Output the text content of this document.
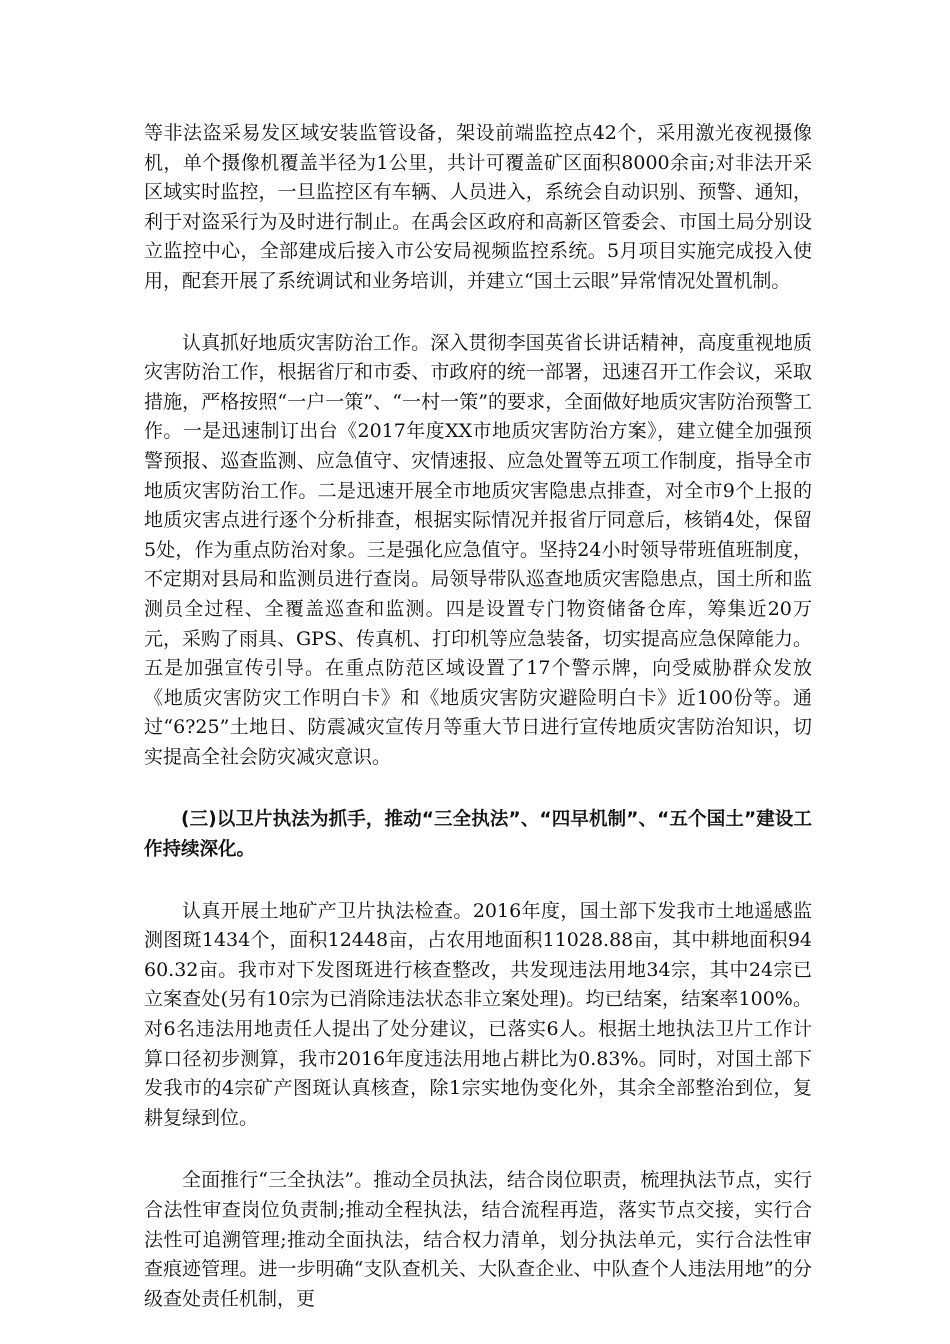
等非法盗采易发区域安装监管设备，架设前端监控点42个，采用激光夜视摄像机，单个摄像机覆盖半径为1公里，共计可覆盖矿区面积8000余亩;对非法开采区域实时监控，一旦监控区有车辆、人员进入，系统会自动识别、预警、通知，利于对盗采行为及时进行制止。在禹会区政府和高新区管委会、市国土局分别设立监控中心，全部建成后接入市公安局视频监控系统。5月项目实施完成投入使用，配套开展了系统调试和业务培训，并建立“国土云眼”异常情况处置机制。

认真抓好地质灾害防治工作。深入贯彻李国英省长讲话精神，高度重视地质灾害防治工作，根据省厅和市委、市政府的统一部署，迅速召开工作会议，采取措施，严格按照“一户一策”、“一村一策”的要求，全面做好地质灾害防治预警工作。一是迅速制订出台《2017年度XX市地质灾害防治方案》，建立健全加强预警预报、巡查监测、应急值守、灾情速报、应急处置等五项工作制度，指导全市地质灾害防治工作。二是迅速开展全市地质灾害隐患点排查，对全市9个上报的地质灾害点进行逐个分析排查，根据实际情况并报省厅同意后，核销4处，保留5处，作为重点防治对象。三是强化应急值守。坚持24小时领导带班值班制度，不定期对县局和监测员进行查岗。局领导带队巡查地质灾害隐患点，国土所和监测员全过程、全覆盖巡查和监测。四是设置专门物资储备仓库，筹集近20万元，采购了雨具、GPS、传真机、打印机等应急装备，切实提高应急保障能力。五是加强宣传引导。在重点防范区域设置了17个警示牌，向受威胁群众发放《地质灾害防灾工作明白卡》和《地质灾害防灾避险明白卡》近100份等。通过“6?25”土地日、防震减灾宣传月等重大节日进行宣传地质灾害防治知识，切实提高全社会防灾减灾意识。

(三)以卫片执法为抓手，推动“三全执法”、“四早机制”、“五个国土”建设工作持续深化。

认真开展土地矿产卫片执法检查。2016年度，国土部下发我市土地遥感监测图斑1434个，面积12448亩，占农用地面积11028.88亩，其中耕地面积9460.32亩。我市对下发图斑进行核查整改，共发现违法用地34宗，其中24宗已立案查处(另有10宗为已消除违法状态非立案处理)。均已结案，结案率100%。对6名违法用地责任人提出了处分建议，已落实6人。根据土地执法卫片工作计算口径初步测算，我市2016年度违法用地占耕比为0.83%。同时，对国土部下发我市的4宗矿产图斑认真核查，除1宗实地伪变化外，其余全部整治到位，复耕复绿到位。

全面推行“三全执法”。推动全员执法，结合岗位职责，梳理执法节点，实行合法性审查岗位负责制;推动全程执法，结合流程再造，落实节点交接，实行合法性可追溯管理;推动全面执法，结合权力清单，划分执法单元，实行合法性审查痕迹管理。进一步明确“支队查机关、大队查企业、中队查个人违法用地”的分级查处责任机制，更
